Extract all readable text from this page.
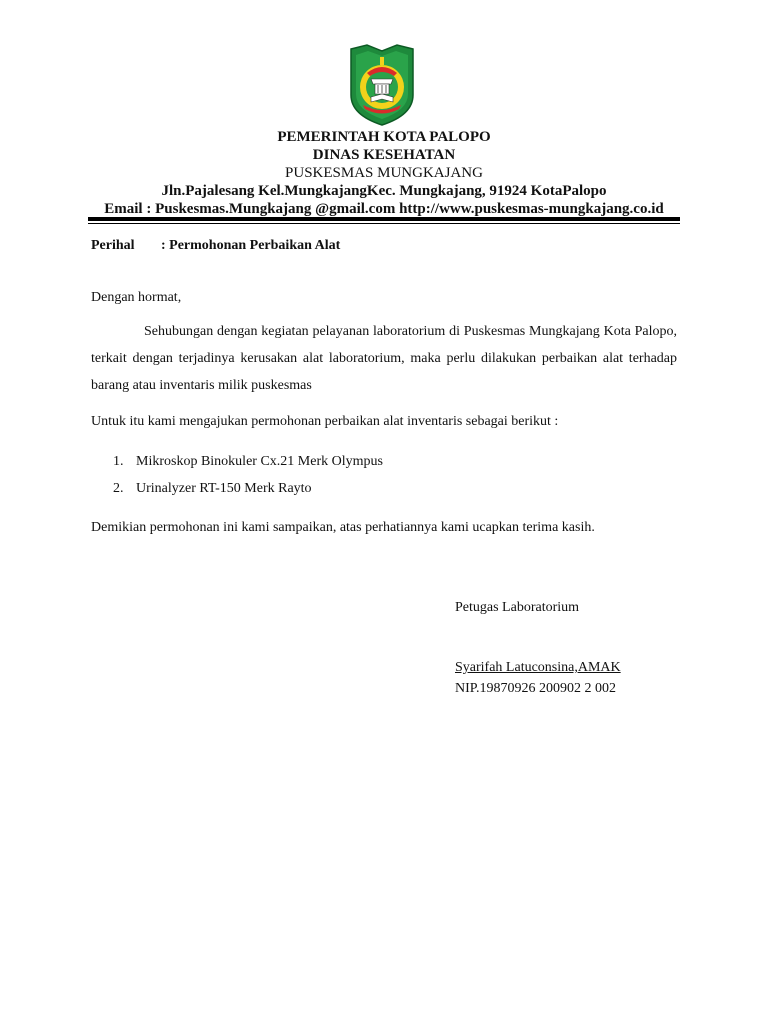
PEMERINTAH KOTA PALOPO
DINAS KESEHATAN
PUSKESMAS MUNGKAJANG
Jln.Pajalesang Kel.MungkajangKec. Mungkajang, 91924 KotaPalopo
Email : Puskesmas.Mungkajang @gmail.com http://www.puskesmas-mungkajang.co.id
Perihal : Permohonan Perbaikan Alat
Dengan hormat,
Sehubungan dengan kegiatan pelayanan laboratorium di Puskesmas Mungkajang Kota Palopo, terkait dengan terjadinya kerusakan alat laboratorium, maka perlu dilakukan perbaikan alat terhadap barang atau inventaris milik puskesmas
Untuk itu kami mengajukan permohonan perbaikan alat inventaris sebagai berikut :
1. Mikroskop Binokuler Cx.21 Merk Olympus
2. Urinalyzer RT-150 Merk Rayto
Demikian permohonan ini kami sampaikan, atas perhatiannya kami ucapkan terima kasih.
Petugas Laboratorium
Syarifah Latuconsina,AMAK
NIP.19870926 200902 2 002
